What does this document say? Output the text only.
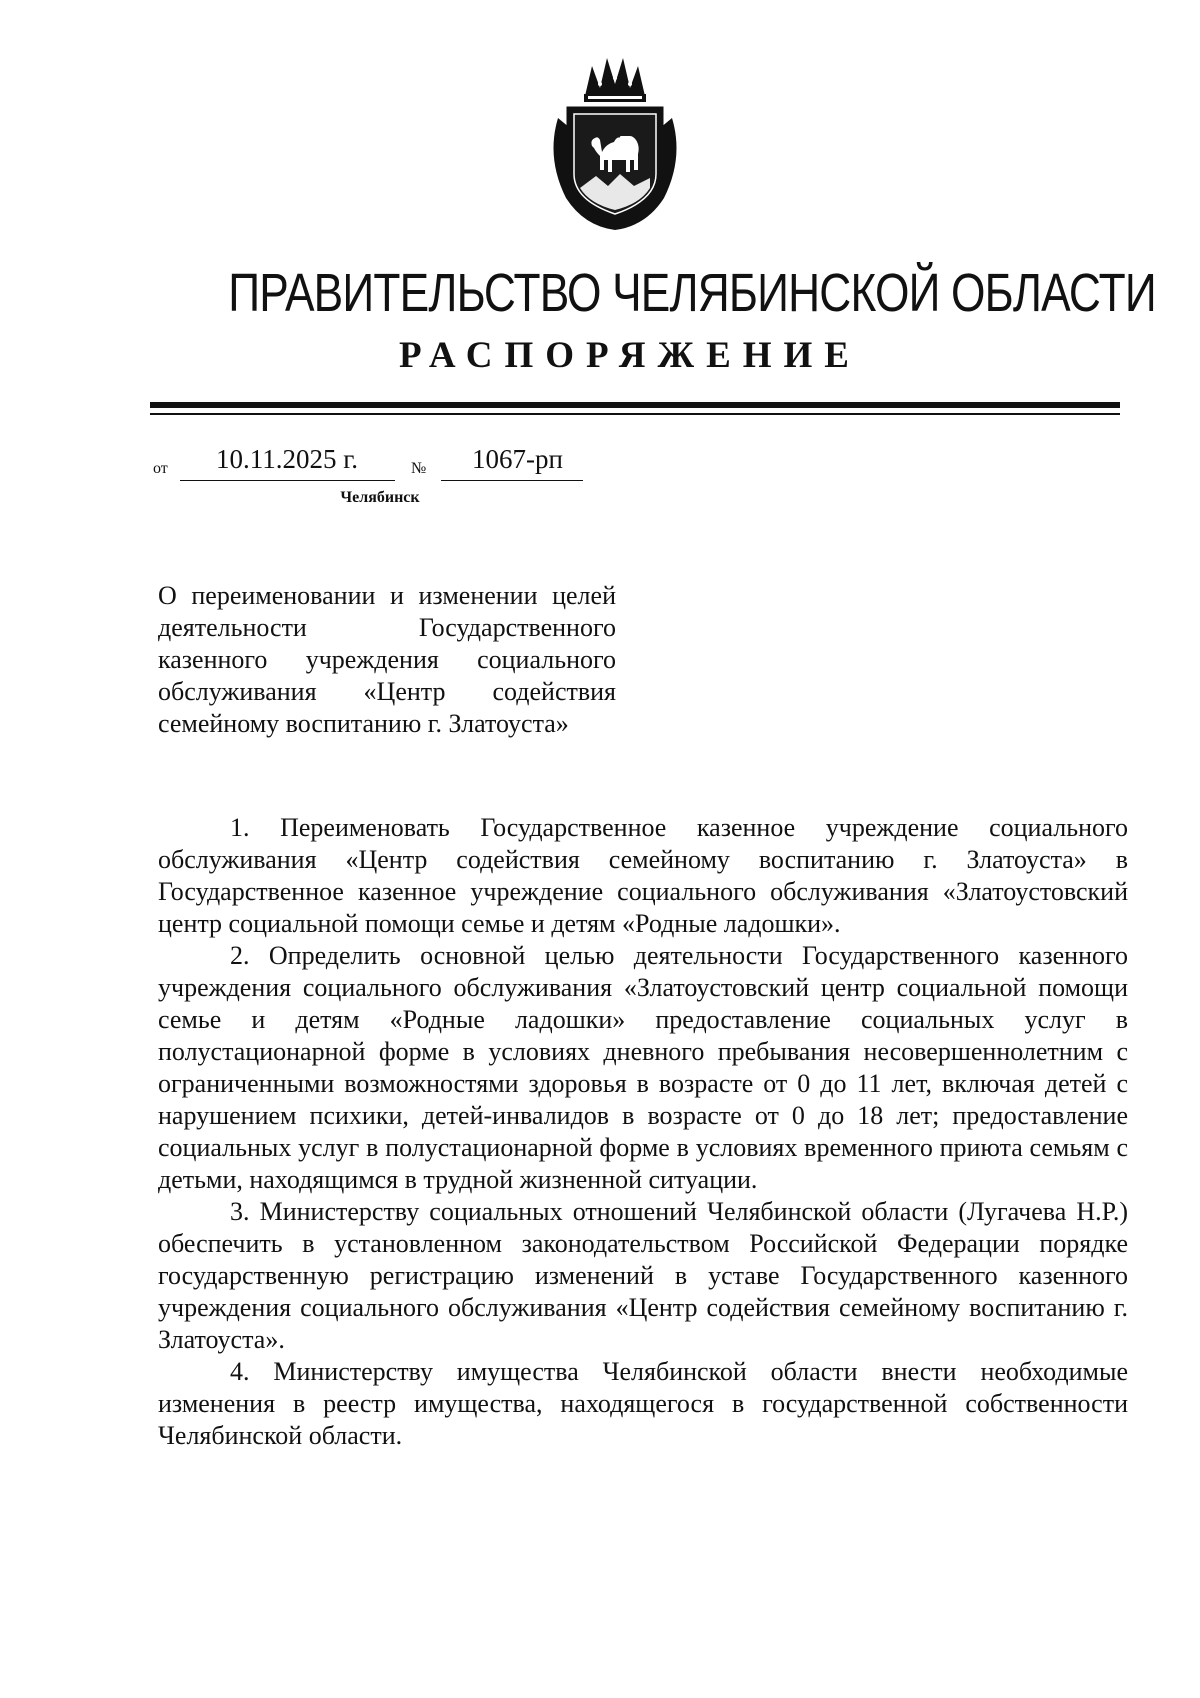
ПРАВИТЕЛЬСТВО ЧЕЛЯБИНСКОЙ ОБЛАСТИ
РАСПОРЯЖЕНИЕ
от	10.11.2025 г.	№	1067-рп
Челябинск
О переименовании и изменении целей
деятельности Государственного
казенного учреждения социального
обслуживания «Центр содействия
семейному воспитанию г. Златоуста»

1. Переименовать Государственное казенное учреждение социального обслуживания «Центр содействия семейному воспитанию г. Златоуста» в Государственное казенное учреждение социального обслуживания «Златоустовский центр социальной помощи семье и детям «Родные ладошки».

2. Определить основной целью деятельности Государственного казенного учреждения социального обслуживания «Златоустовский центр социальной помощи семье и детям «Родные ладошки» предоставление социальных услуг в полустационарной форме в условиях дневного пребывания несовершеннолетним с ограниченными возможностями здоровья в возрасте от 0 до 11 лет, включая детей с нарушением психики, детей-инвалидов в возрасте от 0 до 18 лет; предоставление социальных услуг в полустационарной форме в условиях временного приюта семьям с детьми, находящимся в трудной жизненной ситуации.

3. Министерству социальных отношений Челябинской области (Лугачева Н.Р.) обеспечить в установленном законодательством Российской Федерации порядке государственную регистрацию изменений в уставе Государственного казенного учреждения социального обслуживания «Центр содействия семейному воспитанию г. Златоуста».

4. Министерству имущества Челябинской области внести необходимые изменения в реестр имущества, находящегося в государственной собственности Челябинской области.
